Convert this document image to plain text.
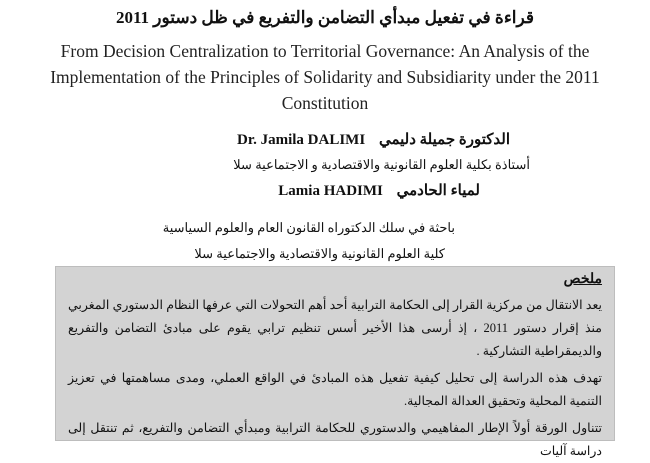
قراءة في تفعيل مبدأي التضامن والتفريع في ظل دستور 2011
From Decision Centralization to Territorial Governance: An Analysis of the Implementation of the Principles of Solidarity and Subsidiarity under the 2011 Constitution
الدكتورة جميلة دليمي Dr. Jamila DALIMI
أستاذة بكلية العلوم القانونية والاقتصادية و الاجتماعية سلا
لمياء الحادمي Lamia HADIMI
باحثة في سلك الدكتوراه القانون العام والعلوم السياسية
كلية العلوم القانونية والاقتصادية والاجتماعية سلا
ملخص

يعد الانتقال من مركزية القرار إلى الحكامة الترابية أحد أهم التحولات التي عرفها النظام الدستوري المغربي منذ إقرار دستور 2011 ، إذ أرسى هذا الأخير أسس تنظيم ترابي يقوم على مبادئ التضامن والتفريع والديمقراطية التشاركية .

تهدف هذه الدراسة إلى تحليل كيفية تفعيل هذه المبادئ في الواقع العملي، ومدى مساهمتها في تعزيز التنمية المحلية وتحقيق العدالة المجالية.

تتناول الورقة أولاً الإطار المفاهيمي والدستوري للحكامة الترابية ومبدأي التضامن والتفريع، ثم تنتقل إلى دراسة آليات
